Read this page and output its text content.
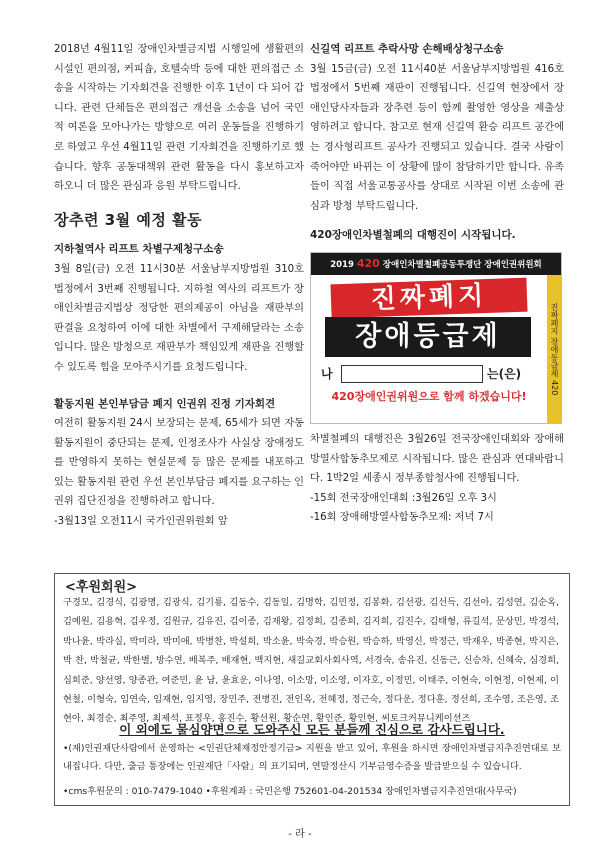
2018년 4월11일 장애인차별금지법 시행일에 생활편의시설인 편의점, 커피숍, 호텔숙박 등에 대한 편의접근 소송을 시작하는 기자회견을 진행한 이후 1년이 다 되어 갑니다. 관련 단체들은 편의접근 개선을 소송을 넘어 국민적 여론을 모아나가는 방향으로 여러 운동들을 진행하기로 하였고 우선 4월11일 관련 기자회견을 진행하기로 했습니다. 향후 공동대책위 관련 활동을 다시 홍보하고자 하오니 더 많은 관심과 응원 부탁드립니다.

장추련 3월 예정 활동
지하철역사 리프트 차별구제청구소송

3월 8일(금) 오전 11시30분 서울남부지방법원 310호 법정에서 3번째 진행됩니다. 지하철 역사의 리프트가 장애인차별금지법상 정당한 편의제공이 아님을 재판부의 판결을 요청하여 이에 대한 차별에서 구제해달라는 소송입니다. 많은 방청으로 재판부가 책임있게 재판을 진행할 수 있도록 힘을 모아주시기를 요청드립니다.

활동지원 본인부담금 폐지 인권위 진정 기자회견

여전히 활동지원 24시 보장되는 문제, 65세가 되면 자동 활동지원이 중단되는 문제, 인정조사가 사실상 장애정도를 반영하지 못하는 현실문제 등 많은 문제를 내포하고 있는 활동지원 관련 우선 본인부담금 폐지를 요구하는 인권위 집단진정을 진행하려고 합니다.

-3월13일 오전11시 국가인권위원회 앞

신길역 리프트 추락사망 손해배상청구소송

3월 15금(금) 오전 11시40분 서울남부지방법원 416호 법정에서 5번째 재판이 진행됩니다. 신길역 현장에서 장애인당사자들과 장추련 등이 함께 촬영한 영상을 제출상영하려고 합니다. 참고로 현재 신길역 환승 리프트 공간에는 경사형리프트 공사가 진행되고 있습니다. 결국 사람이 죽어야만 바뀌는 이 상황에 많이 참담하기만 합니다. 유족들이 직접 서울교통공사를 상대로 시작된 이번 소송에 관심과 방청 부탁드립니다.

420장애인차별철폐의 대행진이 시작됩니다.
2019 420 장애인차별철폐공동투쟁단 장애인권위원회
진짜폐지
장애등급제
나	는(은)
420장애인권위원으로 함께 하겠습니다!
진짜폐지 장애등급제 420

차별철폐의 대행진은 3월26일 전국장애인대회와 장애해방열사합동추모제로 시작됩니다. 많은 관심과 연대바랍니다. 1박2일 세종시 정부종합청사에 진행됩니다.

-15회 전국장애인대회 :3월26일 오후 3시
-16회 장애해방열사합동추모제: 저녁 7시
<후원회원>
구경모, 김경식, 김광명, 김광식, 김기룡, 김동수, 김동일, 김명학, 김민정, 김봉화, 김선광, 김선득, 김선아, 김성연, 김순옥, 김예원, 김용혁, 김우정, 김원규, 김유진, 김이종, 김재왕, 김정희, 김종희, 김지희, 김진수, 김태형, 류길석, 문상민, 박경석, 박나윤, 박라실, 박미라, 박미애, 박병찬, 박설희, 박소윤, 박숙경, 박승원, 박승하, 박영신, 박정근, 박재우, 박종현, 박지은, 박 찬, 박철균, 박한별, 방수연, 배복주, 배재현, 백지현, 새길교회사회사역, 서경숙, 송유진, 신동근, 신승차, 신혜숙, 심경희, 심희준, 양선영, 양종관, 여준민, 윤 남, 윤효운, 이나영, 이소망, 이소영, 이자호, 이정민, 이태주, 이현숙, 이현정, 이현제, 이현철, 이형숙, 임연숙, 임재현, 임지영, 장민주, 전병진, 전인옥, 전혜정, 정근숙, 정다운, 정다훈, 정선희, 조수영, 조은영, 조현아, 최경순, 최주영, 최제석, 표정우, 홍진수, 황선원, 황순연, 황인준, 황인현, 씨토크커뮤니케이션즈
이 외에도 물심양면으로 도와주신 모든 분들께 진심으로 감사드립니다.
•(재)인권재단사람에서 운영하는 <인권단체재정안정기금> 지원을 받고 있어, 후원을 하시면 장애인차별금지추진연대로 보내집니다. 다만, 출금 통장에는 인권재단「사람」의 표기되며, 연말정산시 기부금영수증을 발급받으실 수 있습니다.
•cms후원문의 : 010-7479-1040 •후원계좌 : 국민은행 752601-04-201534 장애인차별금지추진연대(사무국)
- 라 -
